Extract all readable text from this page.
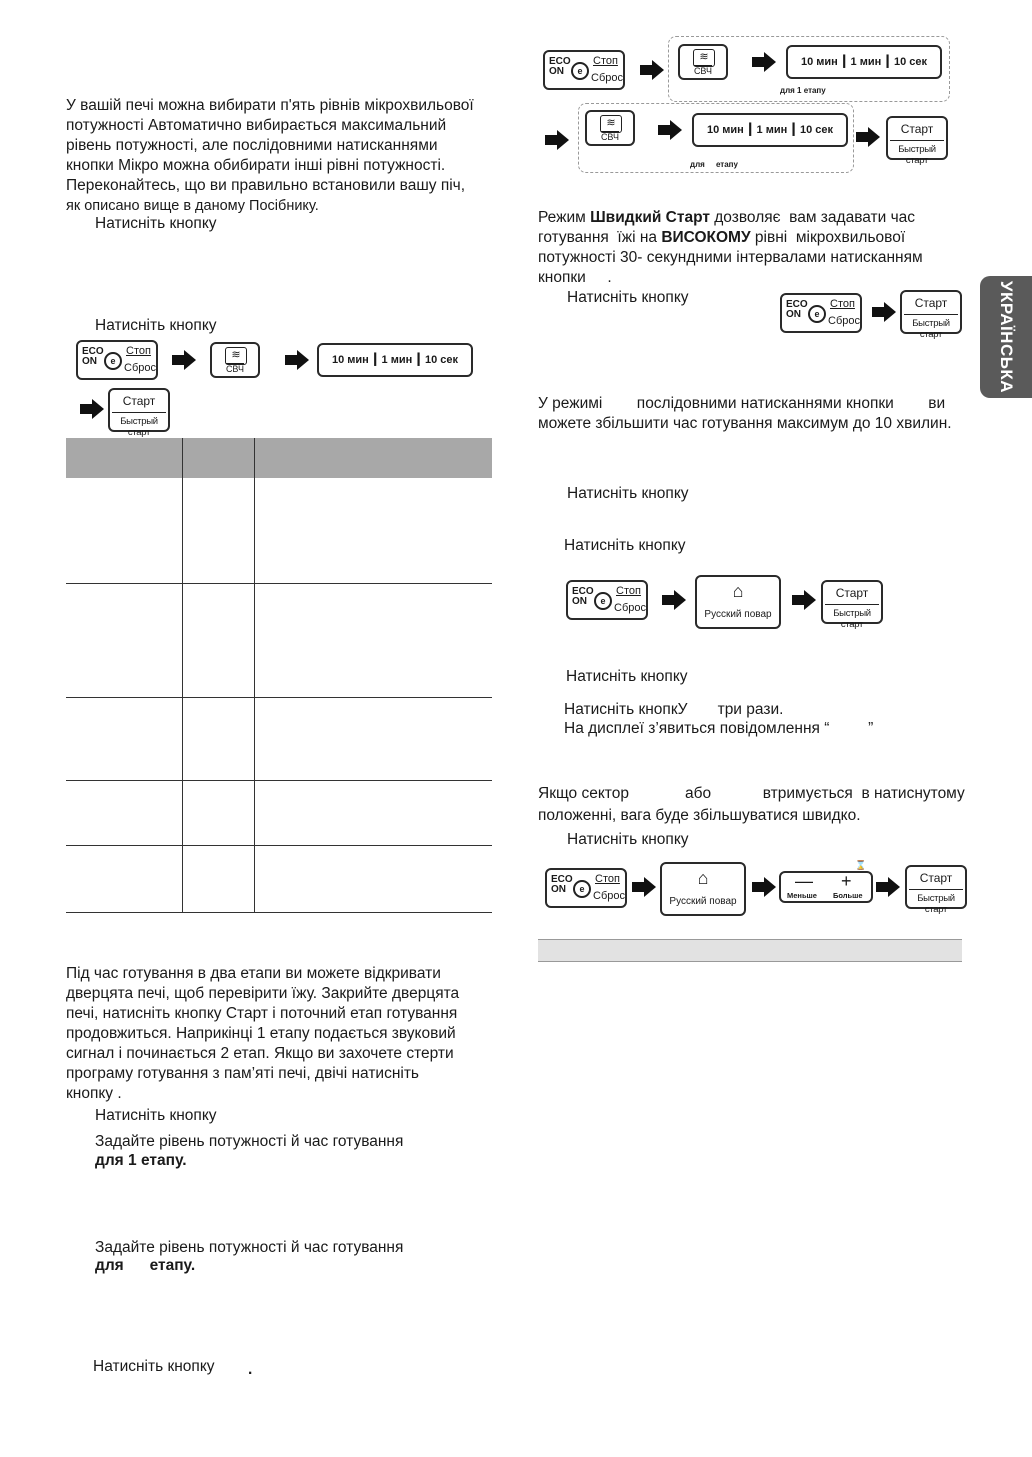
У вашій печі можна вибирати п'ять рівнів мікрохвильової
потужності Автоматично вибирається максимальний
рівень потужності, але послідовними натисканнями
кнопки Мікро можна обибирати інші рівні потужності.
Переконайтесь, що ви правильно встановили вашу піч,
як описано вище в даному Посібнику.
Натисніть кнопку
Натисніть кнопку
ECO
ON	e
Стоп
Сброс
≋
СВЧ
10 мин ┃ 1 мин ┃ 10 сек
Старт
Быстрый старт
Під час готування в два етапи ви можете відкривати
дверцята печі, щоб перевірити їжу. Закрийте дверцята
печі, натисніть кнопку Старт і поточний етап готування
продовжиться. Наприкінці 1 етапу подається звуковий
сигнал і починається 2 етап. Якщо ви захочете стерти
програму готування з пам’яті печі, двічі натисніть
кнопку .
Натисніть кнопку
Задайте рівень потужності й час готування
для 1 етапу.
Задайте рівень потужності й час готування
для      етапу.
Натисніть кнопку .
ECO
ON	e
Стоп
Сброс
≋
СВЧ
10 мин ┃ 1 мин ┃ 10 сек
для 1 етапу
≋
СВЧ
10 мин ┃ 1 мин ┃ 10 сек	Старт
Быстрый старт
для     етапу
Режим Швидкий Старт дозволяє  вам задавати час
готування  їжі на ВИСОКОМУ рівні  мікрохвильової
потужності 30- секундними інтервалами натисканням
кнопки     .
Натисніть кнопку	ECO
ON	e
Стоп
Сброс
Старт
Быстрый старт	УКРАЇНСЬКА
У режимі        послідовними натисканнями кнопки        ви
можете збільшити час готування максимум до 10 хвилин.
Натисніть кнопку
Натисніть кнопку
ECO
ON	e
Стоп
Сброс
⌂
Русский повар
Старт
Быстрый старт
Натисніть кнопку
Натисніть кнопкУ       три рази.
На дисплеї з’явиться повідомлення “         ”
Якщо сектор             або            втримується  в натиснутому
положенні, вага буде збільшуватися швидко.
Натисніть кнопку
ECO
ON	e
Стоп
Сброс
⌂
Русский повар
⌛
— +
Меньше Больше
Старт
Быстрый старт
